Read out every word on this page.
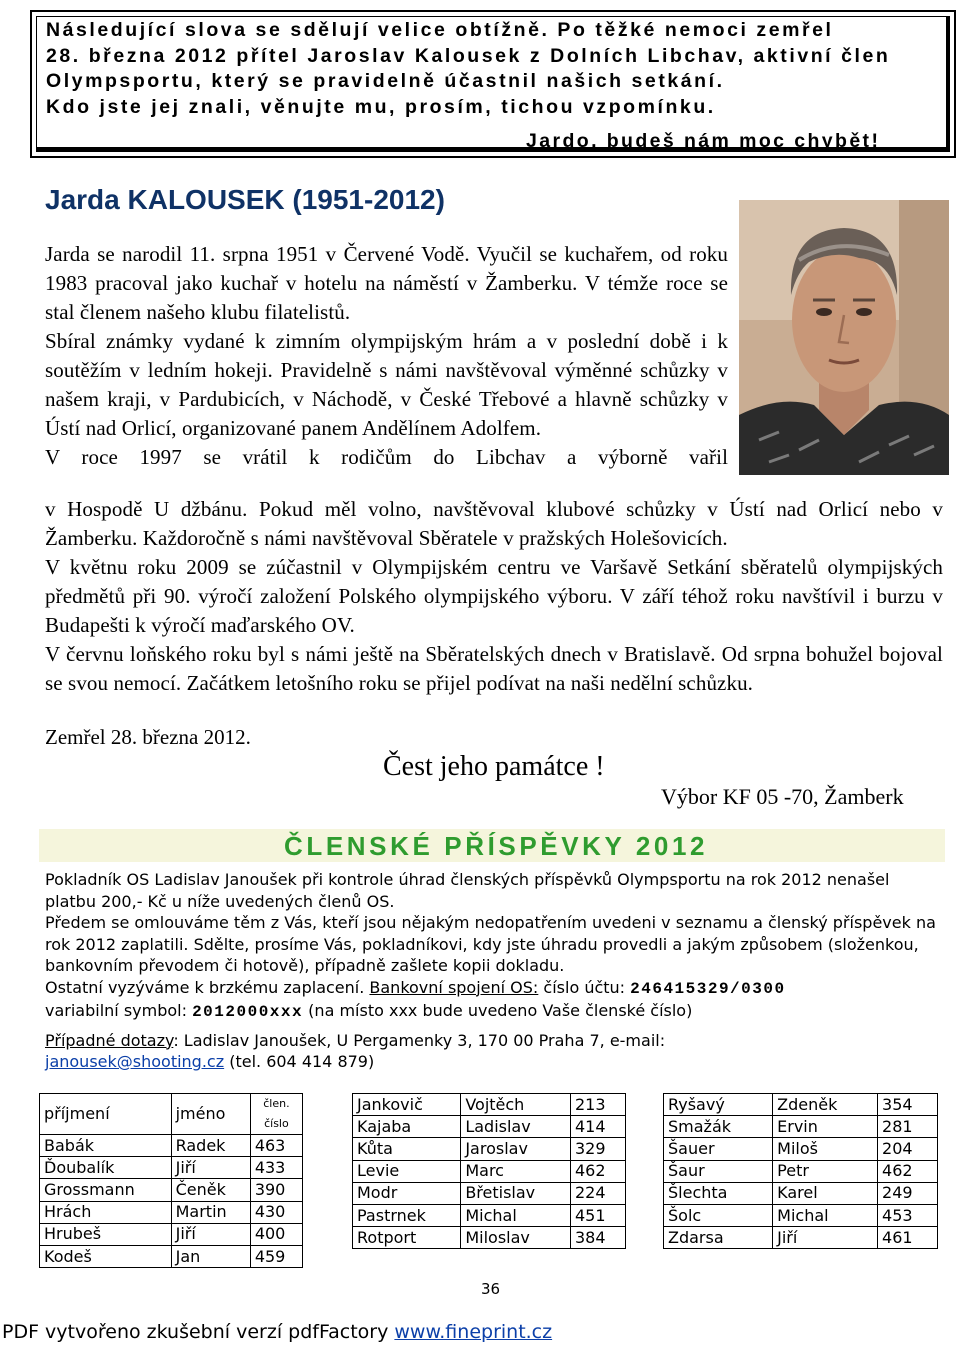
Následující slova se sdělují velice obtížně. Po těžké nemoci zemřel
28. března 2012 přítel Jaroslav Kalousek z Dolních Libchav, aktivní člen
Olympsportu, který se pravidelně účastnil našich setkání.
Kdo jste jej znali, věnujte mu, prosím, tichou vzpomínku.
Jardo, budeš nám moc chybět!
Jarda KALOUSEK (1951-2012)

Jarda se narodil 11. srpna 1951 v Červené Vodě. Vyučil se kuchařem, od roku 1983 pracoval jako kuchař v hotelu na náměstí v Žamberku. V témže roce se stal členem našeho klubu filatelistů.

Sbíral známky vydané k zimním olympijským hrám a v poslední době i k soutěžím v ledním hokeji. Pravidelně s námi navštěvoval výměnné schůzky v našem kraji, v Pardubicích, v Náchodě, v České Třebové a hlavně schůzky v Ústí nad Orlicí, organizované panem Andělínem Adolfem.

V roce 1997 se vrátil k rodičům do Libchav a výborně vařil

v Hospodě U džbánu. Pokud měl volno, navštěvoval klubové schůzky v Ústí nad Orlicí nebo v Žamberku. Každoročně s námi navštěvoval Sběratele v pražských Holešovicích.

V květnu roku 2009 se zúčastnil v Olympijském centru ve Varšavě Setkání sběratelů olympijských předmětů při 90. výročí založení Polského olympijského výboru. V září téhož roku navštívil i burzu v Budapešti k výročí maďarského OV.

V červnu loňského roku byl s námi ještě na Sběratelských dnech v Bratislavě. Od srpna bohužel bojoval se svou nemocí. Začátkem letošního roku se přijel podívat na naši nedělní schůzku.

Zemřel 28. března 2012.
Čest jeho památce !
Výbor KF 05 -70, Žamberk
ČLENSKÉ PŘÍSPĚVKY 2012

Pokladník OS Ladislav Janoušek při kontrole úhrad členských příspěvků Olympsportu na rok 2012 nenašel platbu 200,- Kč u níže uvedených členů OS.

Předem se omlouváme těm z Vás, kteří jsou nějakým nedopatřením uvedeni v seznamu a členský příspěvek na rok 2012 zaplatili. Sdělte, prosíme Vás, pokladníkovi, kdy jste úhradu provedli a jakým způsobem (složenkou, bankovním převodem či hotově), případně zašlete kopii dokladu.

Ostatní vyzýváme k brzkému zaplacení. Bankovní spojení OS: číslo účtu: 246415329/0300
variabilní symbol: 2012000xxx (na místo xxx bude uvedeno Vaše členské číslo)

Případné dotazy: Ladislav Janoušek, U Pergamenky 3, 170 00 Praha 7, e-mail:
janousek@shooting.cz (tel. 604 414 879)

příjmení	jméno	člen.
číslo
Babák	Radek	463
Ďoubalík	Jiří	433
Grossmann	Čeněk	390
Hrách	Martin	430
Hrubeš	Jiří	400
Kodeš	Jan	459
Jankovič	Vojtěch	213
Kajaba	Ladislav	414
Kůta	Jaroslav	329
Levie	Marc	462
Modr	Břetislav	224
Pastrnek	Michal	451
Rotport	Miloslav	384
Ryšavý	Zdeněk	354
Smažák	Ervin	281
Šauer	Miloš	204
Šaur	Petr	462
Šlechta	Karel	249
Šolc	Michal	453
Zdarsa	Jiří	461
36
PDF vytvořeno zkušební verzí pdfFactory www.fineprint.cz
